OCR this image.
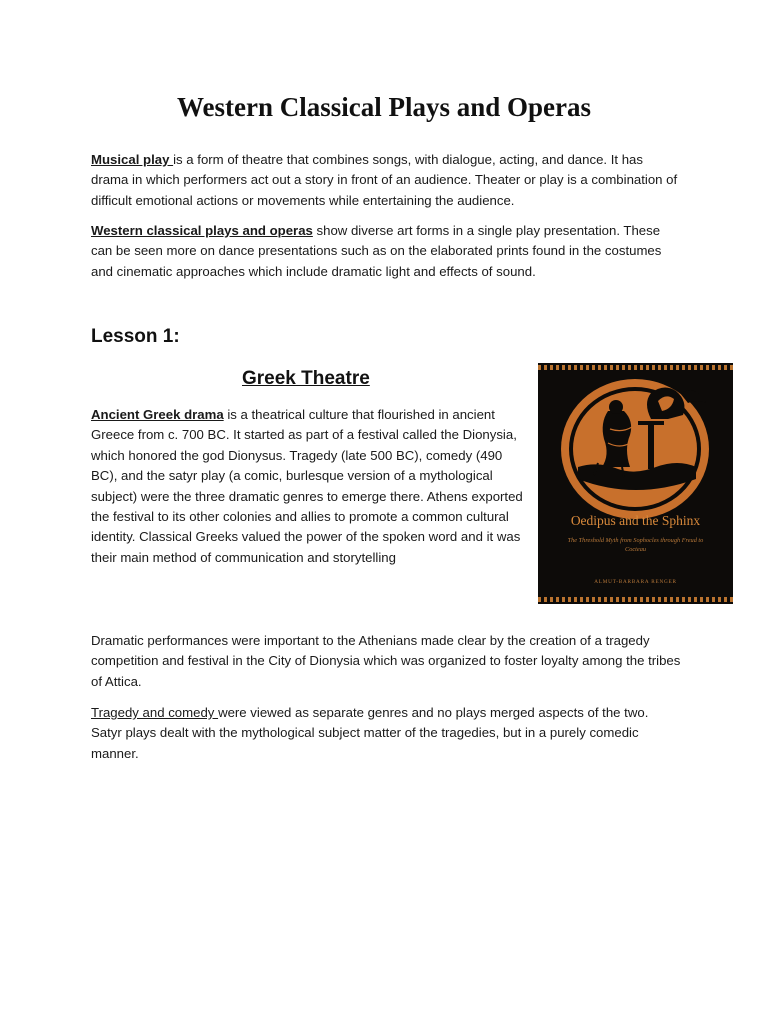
Western Classical Plays and Operas

Musical play is a form of theatre that combines songs, with dialogue, acting, and dance. It has drama in which performers act out a story in front of an audience. Theater or play is a combination of difficult emotional actions or movements while entertaining the audience.

Western classical plays and operas show diverse art forms in a single play presentation. These can be seen more on dance presentations such as on the elaborated prints found in the costumes and cinematic approaches which include dramatic light and effects of sound.

Lesson 1:
Greek Theatre

Ancient Greek drama is a theatrical culture that flourished in ancient Greece from c. 700 BC. It started as part of a festival called the Dionysia, which honored the god Dionysus. Tragedy (late 500 BC), comedy (490 BC), and the satyr play (a comic, burlesque version of a mythological subject) were the three dramatic genres to emerge there. Athens exported the festival to its other colonies and allies to promote a common cultural identity. Classical Greeks valued the power of the spoken word and it was their main method of communication and storytelling

Oedipus and the Sphinx

The Threshold Myth from Sophocles through Freud to Cocteau

ALMUT-BARBARA RENGER

Dramatic performances were important to the Athenians made clear by the creation of a tragedy competition and festival in the City of Dionysia which was organized to foster loyalty among the tribes of Attica.

Tragedy and comedy were viewed as separate genres and no plays merged aspects of the two. Satyr plays dealt with the mythological subject matter of the tragedies, but in a purely comedic manner.
